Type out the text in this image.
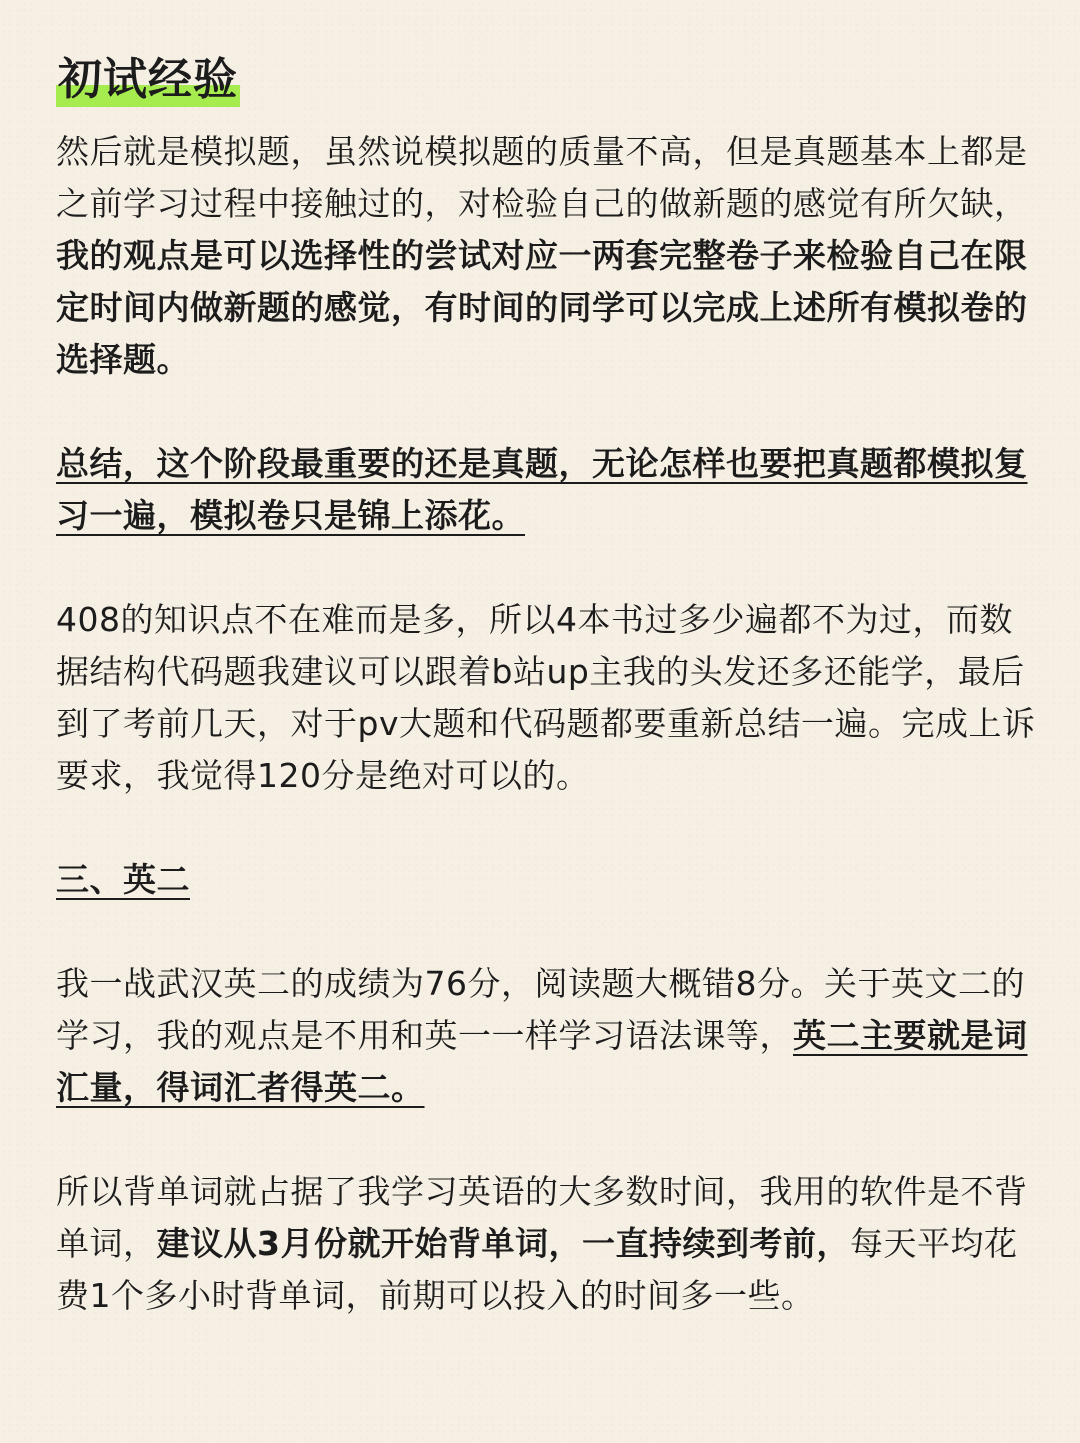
初试经验

然后就是模拟题，虽然说模拟题的质量不高，但是真题基本上都是之前学习过程中接触过的，对检验自己的做新题的感觉有所欠缺，我的观点是可以选择性的尝试对应一两套完整卷子来检验自己在限定时间内做新题的感觉，有时间的同学可以完成上述所有模拟卷的选择题。

总结，这个阶段最重要的还是真题，无论怎样也要把真题都模拟复习一遍，模拟卷只是锦上添花。

408的知识点不在难而是多，所以4本书过多少遍都不为过，而数据结构代码题我建议可以跟着b站up主我的头发还多还能学，最后到了考前几天，对于pv大题和代码题都要重新总结一遍。完成上诉要求，我觉得120分是绝对可以的。

三、英二

我一战武汉英二的成绩为76分，阅读题大概错8分。关于英文二的学习，我的观点是不用和英一一样学习语法课等，英二主要就是词汇量，得词汇者得英二。

所以背单词就占据了我学习英语的大多数时间，我用的软件是不背单词，建议从3月份就开始背单词，一直持续到考前，每天平均花费1个多小时背单词，前期可以投入的时间多一些。
